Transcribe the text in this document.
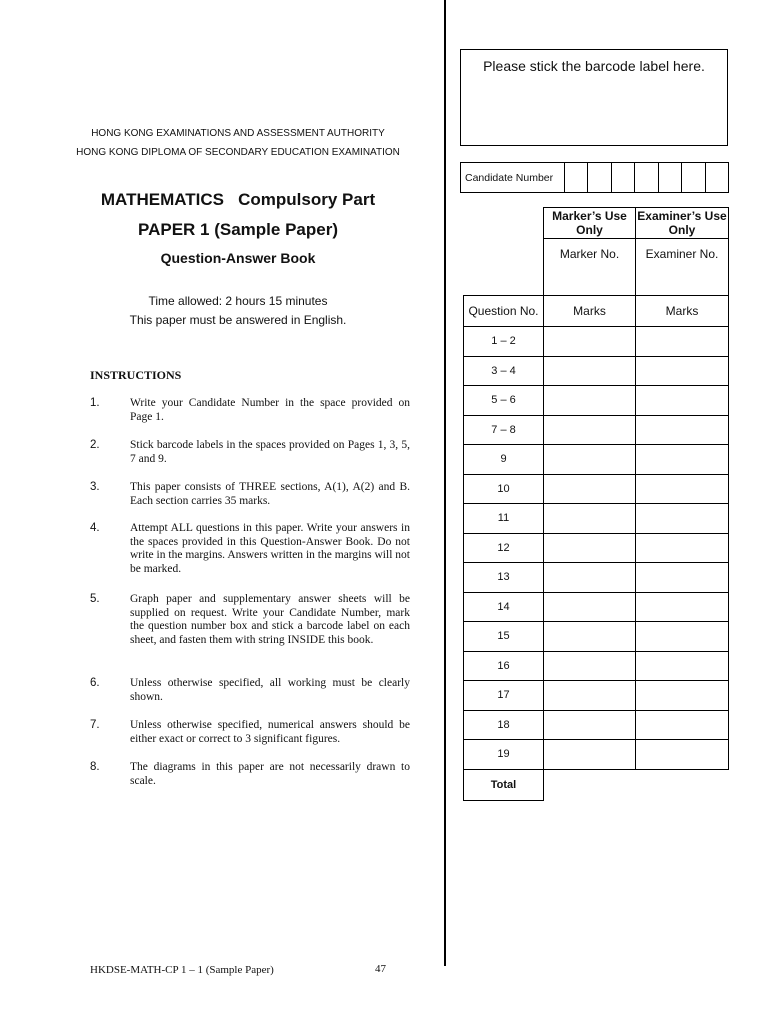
HONG KONG EXAMINATIONS AND ASSESSMENT AUTHORITY
HONG KONG DIPLOMA OF SECONDARY EDUCATION EXAMINATION
MATHEMATICS   Compulsory Part
PAPER 1 (Sample Paper)
Question-Answer Book
Time allowed: 2 hours 15 minutes
This paper must be answered in English.
INSTRUCTIONS
1.	Write your Candidate Number in the space provided on Page 1.
2.	Stick barcode labels in the spaces provided on Pages 1, 3, 5, 7 and 9.
3.	This paper consists of THREE sections, A(1), A(2) and B. Each section carries 35 marks.
4.	Attempt ALL questions in this paper. Write your answers in the spaces provided in this Question-Answer Book. Do not write in the margins. Answers written in the margins will not be marked.
5.	Graph paper and supplementary answer sheets will be supplied on request. Write your Candidate Number, mark the question number box and stick a barcode label on each sheet, and fasten them with string INSIDE this book.
6.	Unless otherwise specified, all working must be clearly shown.
7.	Unless otherwise specified, numerical answers should be either exact or correct to 3 significant figures.
8.	The diagrams in this paper are not necessarily drawn to scale.
HKDSE-MATH-CP 1 – 1 (Sample Paper)	47
Please stick the barcode label here.
Candidate Number
	Marker’s Use Only	Examiner’s Use Only
	Marker No.	Examiner No.
Question No.	Marks	Marks
1 – 2		
3 – 4		
5 – 6		
7 – 8		
9		
10		
11		
12		
13		
14		
15		
16		
17		
18		
19		
Total		
